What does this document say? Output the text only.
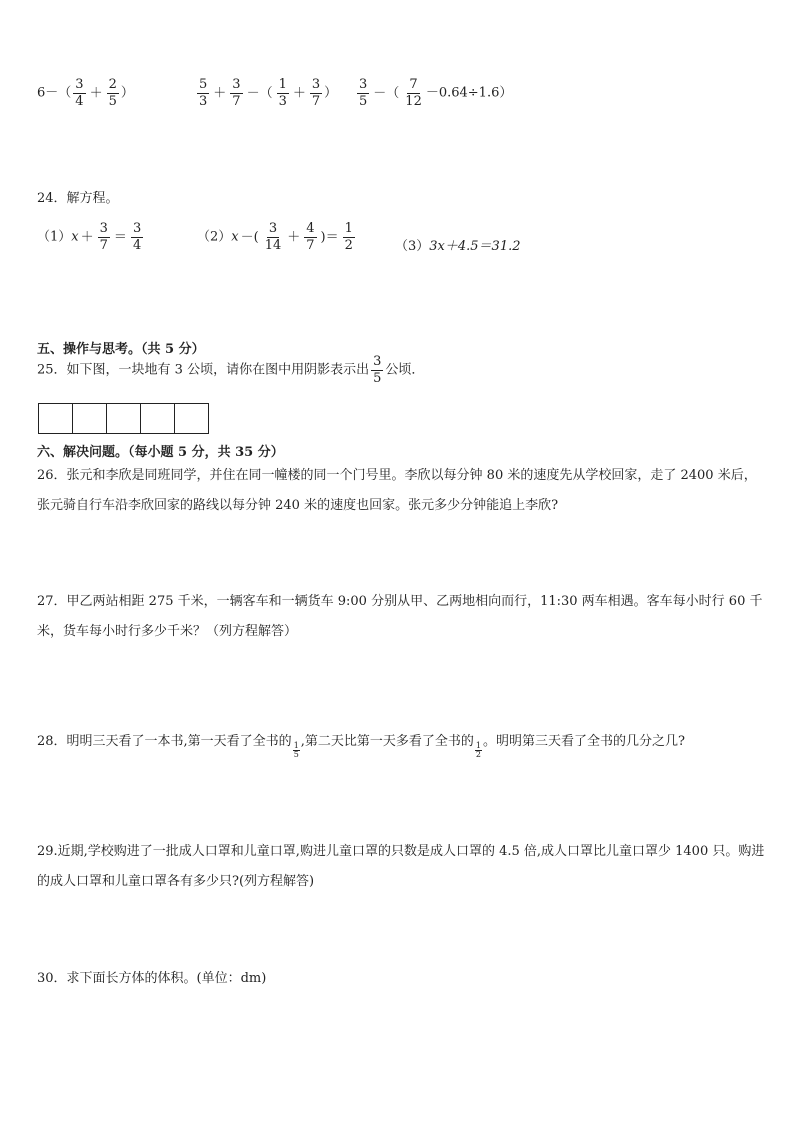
$6-( \frac{3}{4} + \frac{2}{5}$ ）	$\frac{5}{3} + \frac{3}{7}$ －（ $\frac{1}{3} + \frac{3}{7}$ ） $\frac{3}{5}$ －（ $\frac{7}{12} -0.64\div 1.6$）
24．解方程。
$(1)x + \frac{3}{7} = \frac{3}{4}$	（2）x －( $\frac{3}{14} + \frac{4}{7}$ )＝ $\frac{1}{2}$	（3）3x＋4.5＝31.2
五、操作与思考。（共 5 分）
25．如下图，一块地有 3 公顷，请你在图中用阴影表示出 $\frac{3}{5}$ 公顷．
六、解决问题。（每小题 5 分，共 35 分）
26．张元和李欣是同班同学，并住在同一幢楼的同一个门号里。李欣以每分钟 80 米的速度先从学校回家，走了 2400 米后，张元骑自行车沿李欣回家的路线以每分钟 240 米的速度也回家。张元多少分钟能追上李欣?
27．甲乙两站相距 275 千米，一辆客车和一辆货车 9:00 分别从甲、乙两地相向而行，11:30 两车相遇。客车每小时行 60 千米，货车每小时行多少千米？（列方程解答）
28．明明三天看了一本书,第一天看了全书的
$\frac{1}{5}$
,第二天比第一天多看了全书的
$\frac{1}{2}$
。明明第三天看了全书的几分之几?
29.近期,学校购进了一批成人口罩和儿童口罩,购进儿童口罩的只数是成人口罩的 4.5 倍,成人口罩比儿童口罩少 1400 只。购进的成人口罩和儿童口罩各有多少只?(列方程解答)
30．求下面长方体的体积。(单位：dm)
